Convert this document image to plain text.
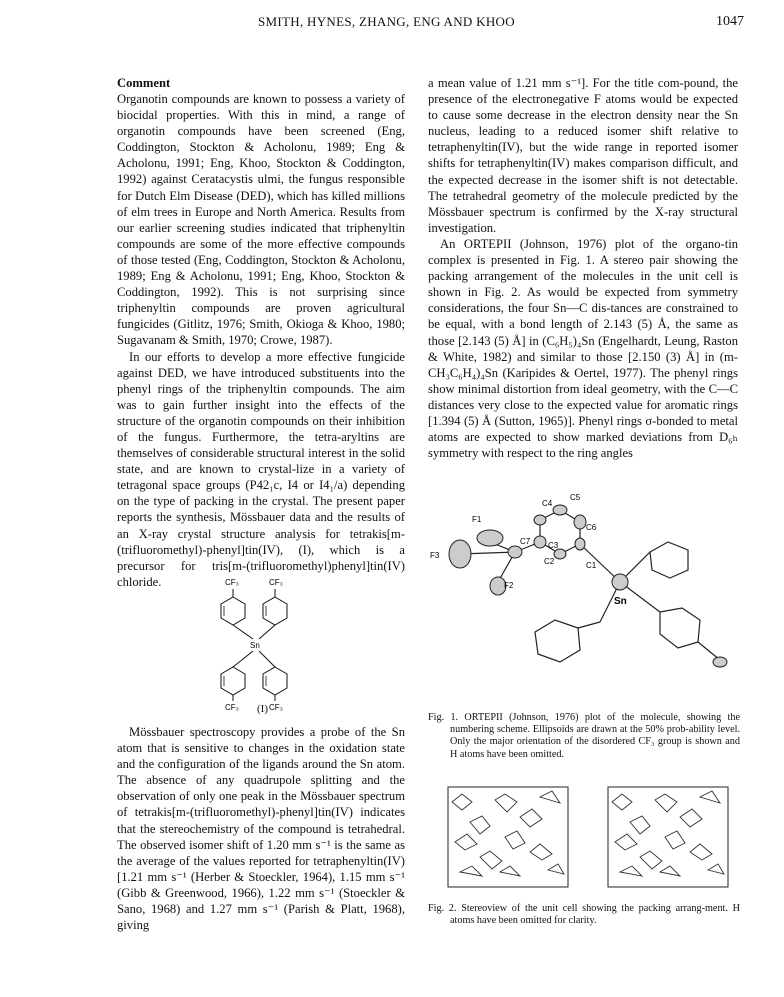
SMITH, HYNES, ZHANG, ENG AND KHOO	1047
Comment

Organotin compounds are known to possess a variety of biocidal properties. With this in mind, a range of organotin compounds have been screened (Eng, Coddington, Stockton & Acholonu, 1989; Eng & Acholonu, 1991; Eng, Khoo, Stockton & Coddington, 1992) against Ceratacystis ulmi, the fungus responsible for Dutch Elm Disease (DED), which has killed millions of elm trees in Europe and North America. Results from our earlier screening studies indicated that triphenyltin compounds are some of the more effective compounds of those tested (Eng, Coddington, Stockton & Acholonu, 1989; Eng & Acholonu, 1991; Eng, Khoo, Stockton & Coddington, 1992). This is not surprising since triphenyltin compounds are proven agricultural fungicides (Gitlitz, 1976; Smith, Okioga & Khoo, 1980; Sugavanam & Smith, 1970; Crowe, 1987).

In our efforts to develop a more effective fungicide against DED, we have introduced substituents into the phenyl rings of the triphenyltin compounds. The aim was to gain further insight into the effects of the structure of the organotin compounds on their inhibition of the fungus. Furthermore, the tetra-aryltins are themselves of considerable structural interest in the solid state, and are known to crystal-lize in a variety of tetragonal space groups (P42₁c, I4 or I4₁/a) depending on the type of packing in the crystal. The present paper reports the synthesis, Mössbauer data and the results of an X-ray crystal structure analysis for tetrakis[m-(trifluoromethyl)-phenyl]tin(IV), (I), which is a precursor for tris[m-(trifluoromethyl)phenyl]tin(IV) chloride.	CF₃	CF₃
Sn
CF₃	CF₃
(I)

Mössbauer spectroscopy provides a probe of the Sn atom that is sensitive to changes in the oxidation state and the configuration of the ligands around the Sn atom. The absence of any quadrupole splitting and the observation of only one peak in the Mössbauer spectrum of tetrakis[m-(trifluoromethyl)-phenyl]tin(IV) indicates that the stereochemistry of the compound is tetrahedral. The observed isomer shift of 1.20 mm s⁻¹ is the same as the average of the values reported for tetraphenyltin(IV) [1.21 mm s⁻¹ (Herber & Stoeckler, 1964), 1.15 mm s⁻¹ (Gibb & Greenwood, 1966), 1.22 mm s⁻¹ (Stoeckler & Sano, 1968) and 1.27 mm s⁻¹ (Parish & Platt, 1968), giving

a mean value of 1.21 mm s⁻¹]. For the title com-pound, the presence of the electronegative F atoms would be expected to cause some decrease in the electron density near the Sn nucleus, leading to a reduced isomer shift relative to tetraphenyltin(IV), but the wide range in reported isomer shifts for tetraphenyltin(IV) makes comparison difficult, and the expected decrease in the isomer shift is not detectable. The tetrahedral geometry of the molecule predicted by the Mössbauer spectrum is confirmed by the X-ray structural investigation.

An ORTEPII (Johnson, 1976) plot of the organo-tin complex is presented in Fig. 1. A stereo pair showing the packing arrangement of the molecules in the unit cell is shown in Fig. 2. As would be expected from symmetry considerations, the four Sn—C dis-tances are constrained to be equal, with a bond length of 2.143 (5) Å, the same as those [2.143 (5) Å] in (C₆H₅)₄Sn (Engelhardt, Leung, Raston & White, 1982) and similar to those [2.150 (3) Å] in (m-CH₃C₆H₄)₄Sn (Karipides & Oertel, 1977). The phenyl rings show minimal distortion from ideal geometry, with the C—C distances very close to the expected value for aromatic rings [1.394 (5) Å (Sutton, 1965)]. Phenyl rings σ-bonded to metal atoms are expected to show marked deviations from D₆ₕ symmetry with respect to the ring angles

C5
C4
F1
C6
C7 C3
F3
C2	C1
F2
Sn
Fig. 1. ORTEPII (Johnson, 1976) plot of the molecule, showing the numbering scheme. Ellipsoids are drawn at the 50% prob-ability level. Only the major orientation of the disordered CF₃ group is shown and H atoms have been omitted.
Fig. 2. Stereoview of the unit cell showing the packing arrang-ment. H atoms have been omitted for clarity.
